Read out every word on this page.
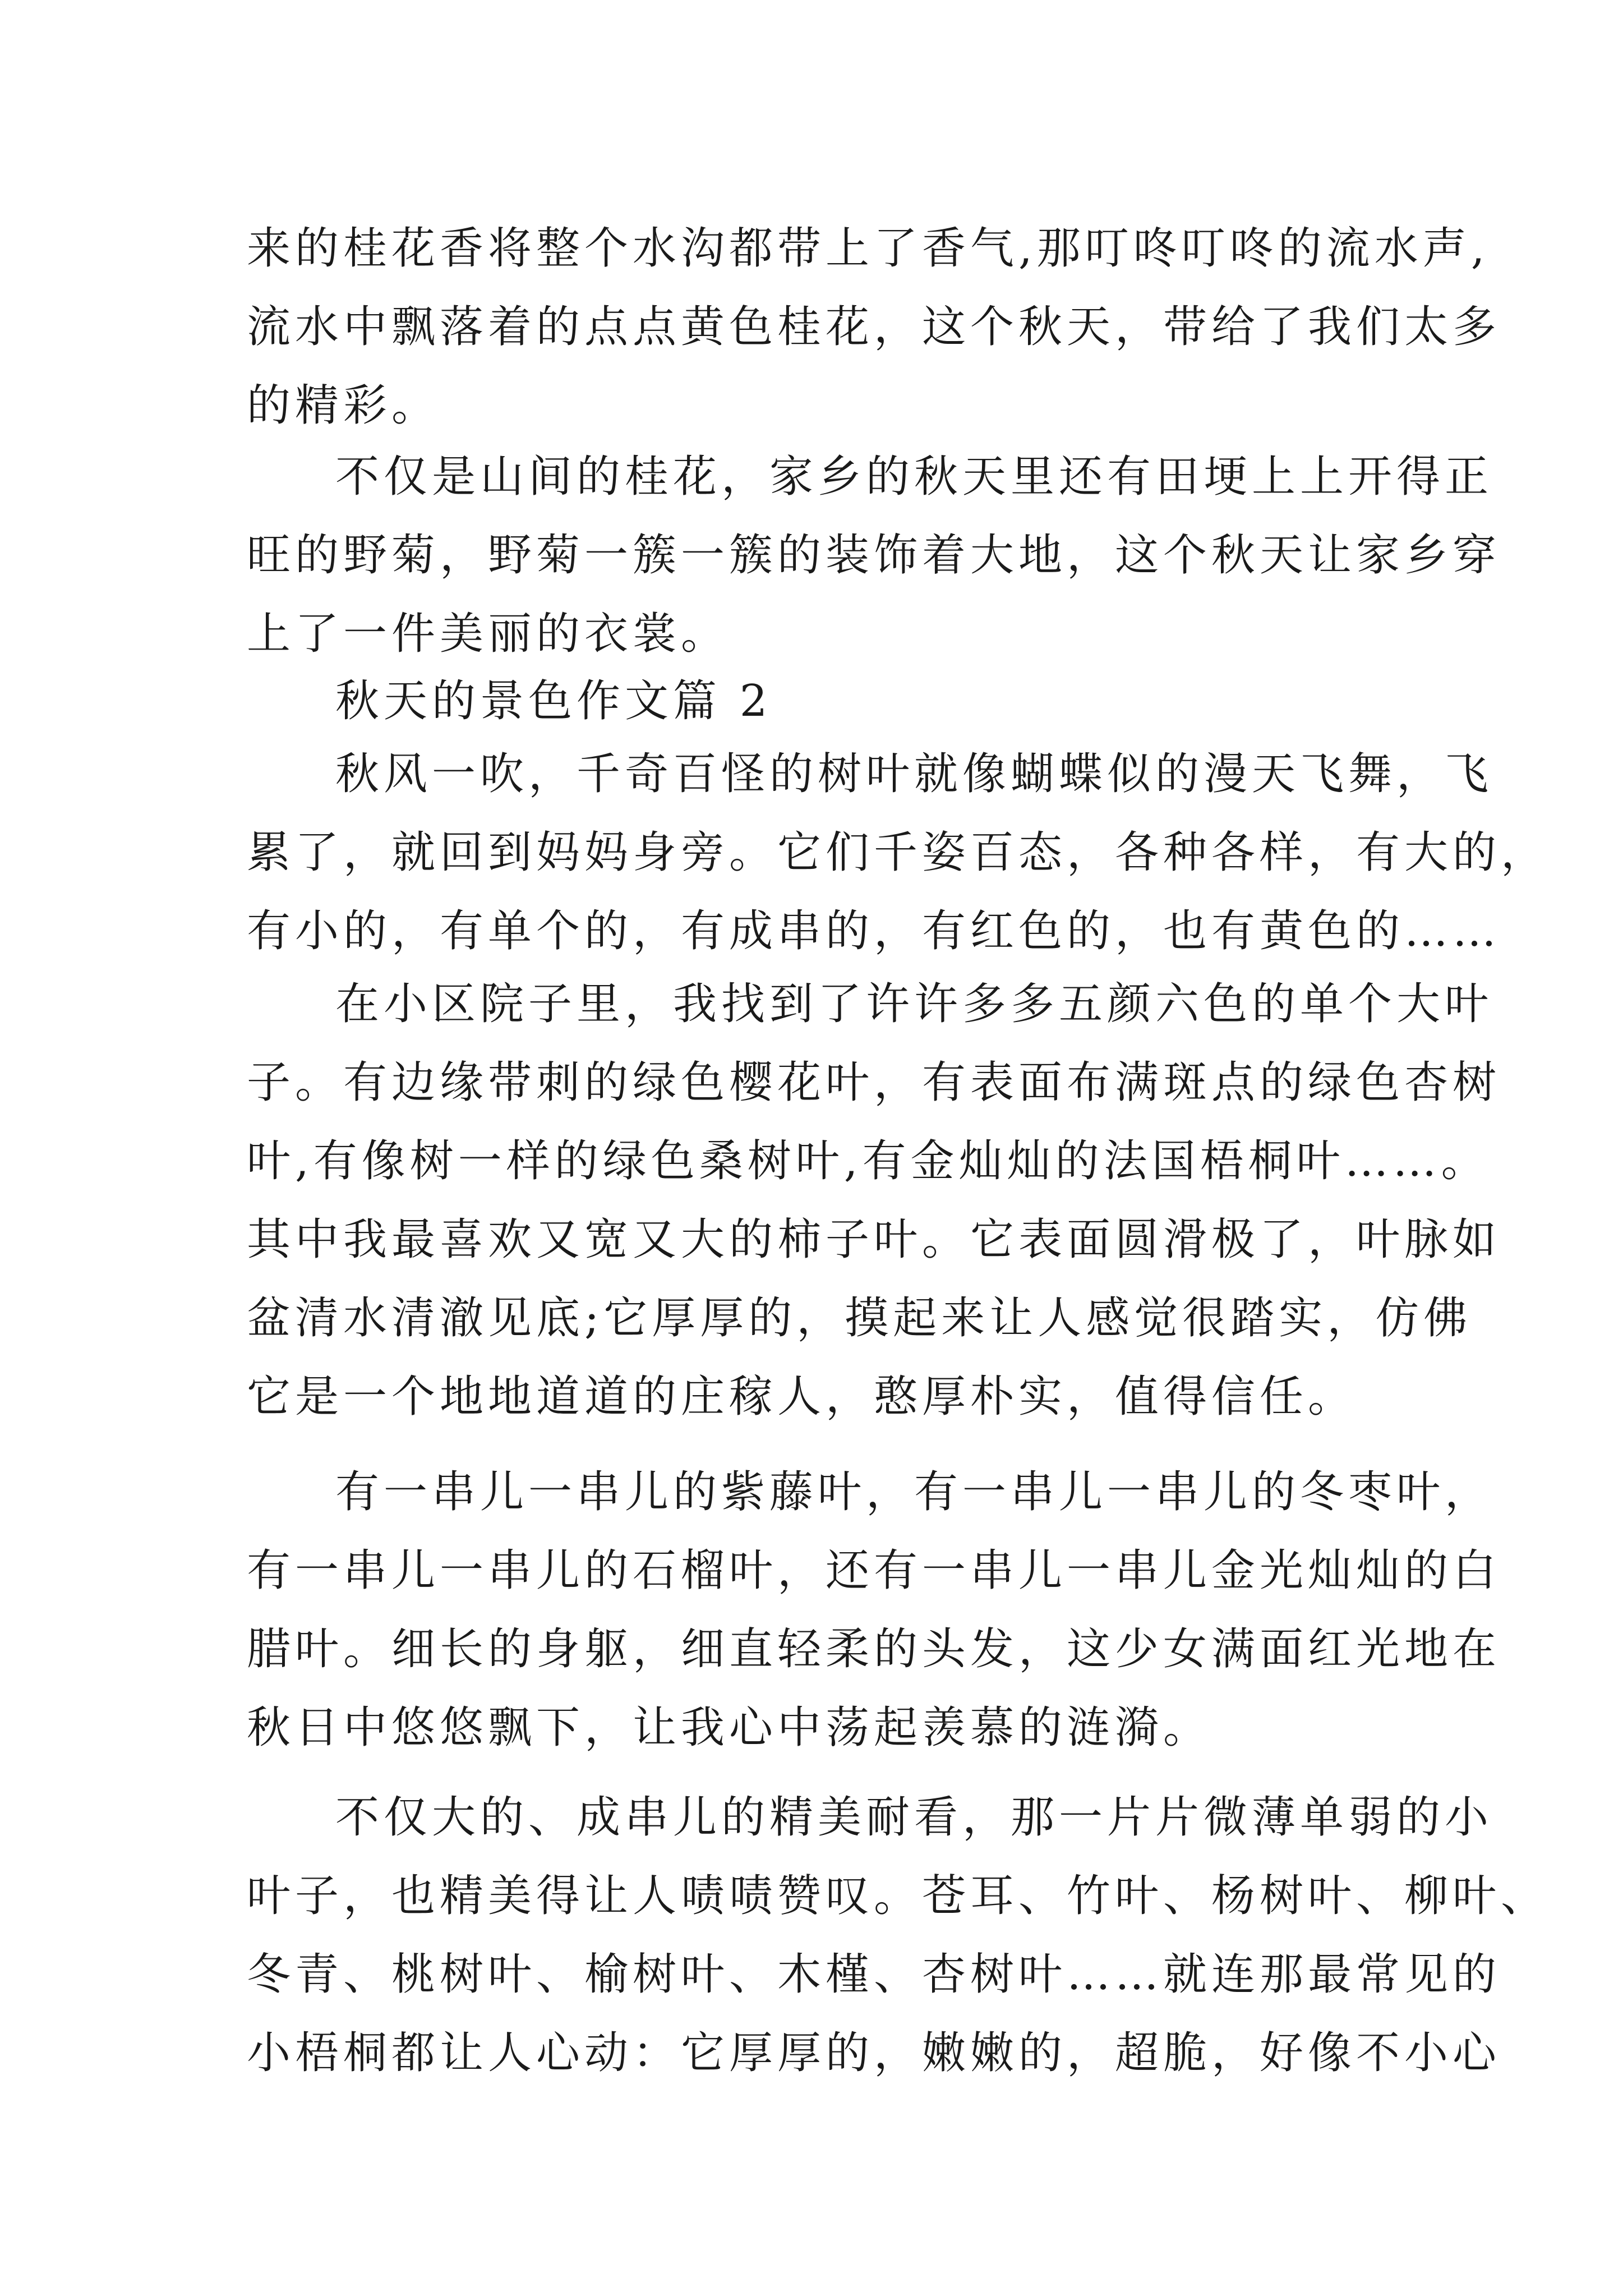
来的桂花香将整个水沟都带上了香气,那叮咚叮咚的流水声,
流水中飘落着的点点黄色桂花，这个秋天，带给了我们太多
的精彩。
不仅是山间的桂花，家乡的秋天里还有田埂上上开得正
旺的野菊，野菊一簇一簇的装饰着大地，这个秋天让家乡穿
上了一件美丽的衣裳。
秋天的景色作文篇 2
秋风一吹，千奇百怪的树叶就像蝴蝶似的漫天飞舞，飞
累了，就回到妈妈身旁。它们千姿百态，各种各样，有大的，
有小的，有单个的，有成串的，有红色的，也有黄色的……
在小区院子里，我找到了许许多多五颜六色的单个大叶
子。有边缘带刺的绿色樱花叶，有表面布满斑点的绿色杏树
叶,有像树一样的绿色桑树叶,有金灿灿的法国梧桐叶……。
其中我最喜欢又宽又大的柿子叶。它表面圆滑极了，叶脉如
盆清水清澈见底;它厚厚的，摸起来让人感觉很踏实，仿佛
它是一个地地道道的庄稼人，憨厚朴实，值得信任。
有一串儿一串儿的紫藤叶，有一串儿一串儿的冬枣叶，
有一串儿一串儿的石榴叶，还有一串儿一串儿金光灿灿的白
腊叶。细长的身躯，细直轻柔的头发，这少女满面红光地在
秋日中悠悠飘下，让我心中荡起羡慕的涟漪。
不仅大的、成串儿的精美耐看，那一片片微薄单弱的小
叶子，也精美得让人啧啧赞叹。苍耳、竹叶、杨树叶、柳叶、
冬青、桃树叶、榆树叶、木槿、杏树叶……就连那最常见的
小梧桐都让人心动：它厚厚的，嫩嫩的，超脆，好像不小心
